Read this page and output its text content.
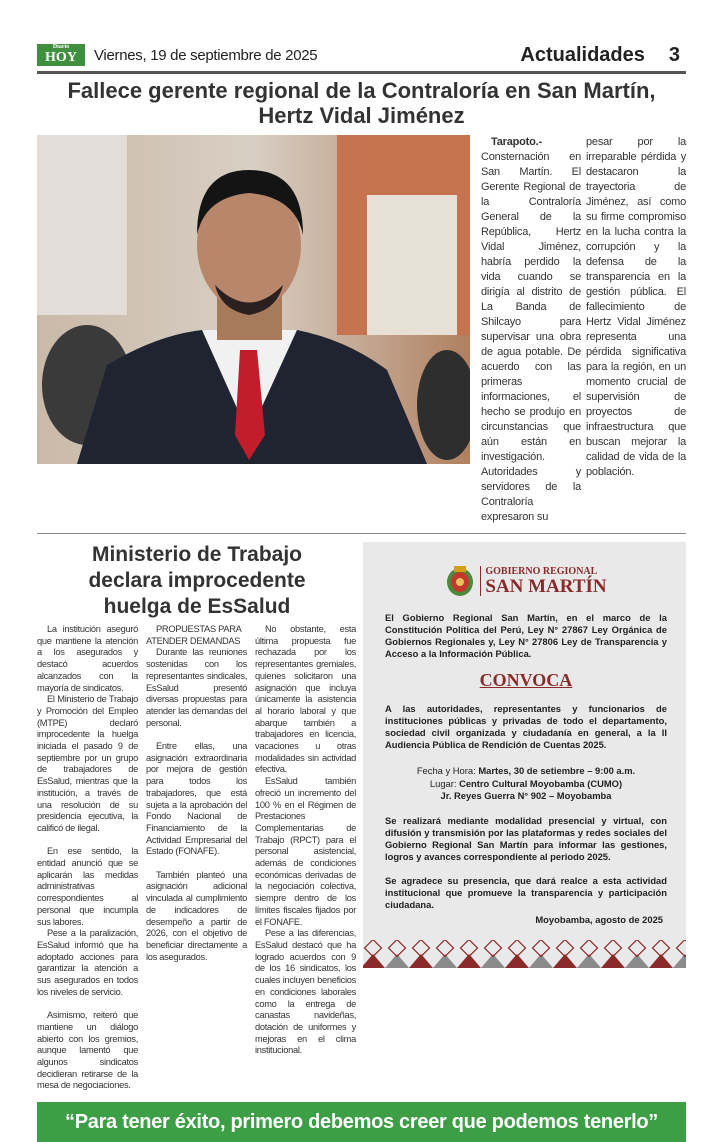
Diario
HOY	Viernes, 19 de septiembre de 2025	Actualidades 3
Fallece gerente regional de la Contraloría en San Martín,
Hertz Vidal Jiménez

Tarapoto.- Consternación en San Martín. El Gerente Regional de la Contraloría General de la República, Hertz Vidal Jiménez, habría perdido la vida cuando se dirigía al distrito de La Banda de Shilcayo para supervisar una obra de agua potable. De acuerdo con las primeras informaciones, el hecho se produjo en circunstancias que aún están en investigación. Autoridades y servidores de la Contraloría expresaron su

pesar por la irreparable pérdida y destacaron la trayectoria de Jiménez, así como su firme compromiso en la lucha contra la corrupción y la defensa de la transparencia en la gestión pública. El fallecimiento de Hertz Vidal Jiménez representa una pérdida significativa para la región, en un momento crucial de supervisión de proyectos de infraestructura que buscan mejorar la calidad de vida de la población.
Ministerio de Trabajo
declara improcedente
huelga de EsSalud

La institución aseguró que mantiene la atención a los asegurados y destacó acuerdos alcanzados con la mayoría de sindicatos.

El Ministerio de Trabajo y Promoción del Empleo (MTPE) declaró improcedente la huelga iniciada el pasado 9 de septiembre por un grupo de trabajadores de EsSalud, mientras que la institución, a través de una resolución de su presidencia ejecutiva, la calificó de ilegal.

En ese sentido, la entidad anunció que se aplicarán las medidas administrativas correspondientes al personal que incumpla sus labores.

Pese a la paralización, EsSalud informó que ha adoptado acciones para garantizar la atención a sus asegurados en todos los niveles de servicio.

Asimismo, reiteró que mantiene un diálogo abierto con los gremios, aunque lamentó que algunos sindicatos decidieran retirarse de la mesa de negociaciones.

PROPUESTAS PARA ATENDER DEMANDAS

Durante las reuniones sostenidas con los representantes sindicales, EsSalud presentó diversas propuestas para atender las demandas del personal.

Entre ellas, una asignación extraordinaria por mejora de gestión para todos los trabajadores, que está sujeta a la aprobación del Fondo Nacional de Financiamiento de la Actividad Empresarial del Estado (FONAFE).

También planteó una asignación adicional vinculada al cumplimiento de indicadores de desempeño a partir de 2026, con el objetivo de beneficiar directamente a los asegurados.

No obstante, esta última propuesta fue rechazada por los representantes gremiales, quienes solicitaron una asignación que incluya únicamente la asistencia al horario laboral y que abarque también a trabajadores en licencia, vacaciones u otras modalidades sin actividad efectiva.

EsSalud también ofreció un incremento del 100 % en el Régimen de Prestaciones Complementarias de Trabajo (RPCT) para el personal asistencial, además de condiciones económicas derivadas de la negociación colectiva, siempre dentro de los límites fiscales fijados por el FONAFE.

Pese a las diferencias, EsSalud destacó que ha logrado acuerdos con 9 de los 16 sindicatos, los cuales incluyen beneficios en condiciones laborales como la entrega de canastas navideñas, dotación de uniformes y mejoras en el clima institucional.

GOBIERNO REGIONAL
SAN MARTÍN
El Gobierno Regional San Martín, en el marco de la Constitución Política del Perú, Ley N° 27867 Ley Orgánica de Gobiernos Regionales y, Ley N° 27806 Ley de Transparencia y Acceso a la Información Pública.
CONVOCA
A las autoridades, representantes y funcionarios de instituciones públicas y privadas de todo el departamento, sociedad civil organizada y ciudadanía en general, a la II Audiencia Pública de Rendición de Cuentas 2025.
Fecha y Hora: Martes, 30 de setiembre – 9:00 a.m.
Lugar: Centro Cultural Moyobamba (CUMO)
Jr. Reyes Guerra N° 902 – Moyobamba
Se realizará mediante modalidad presencial y virtual, con difusión y transmisión por las plataformas y redes sociales del Gobierno Regional San Martín para informar las gestiones, logros y avances correspondiente al periodo 2025.
Se agradece su presencia, que dará realce a esta actividad institucional que promueve la transparencia y participación ciudadana.
Moyobamba, agosto de 2025
“Para tener éxito, primero debemos creer que podemos tenerlo”
